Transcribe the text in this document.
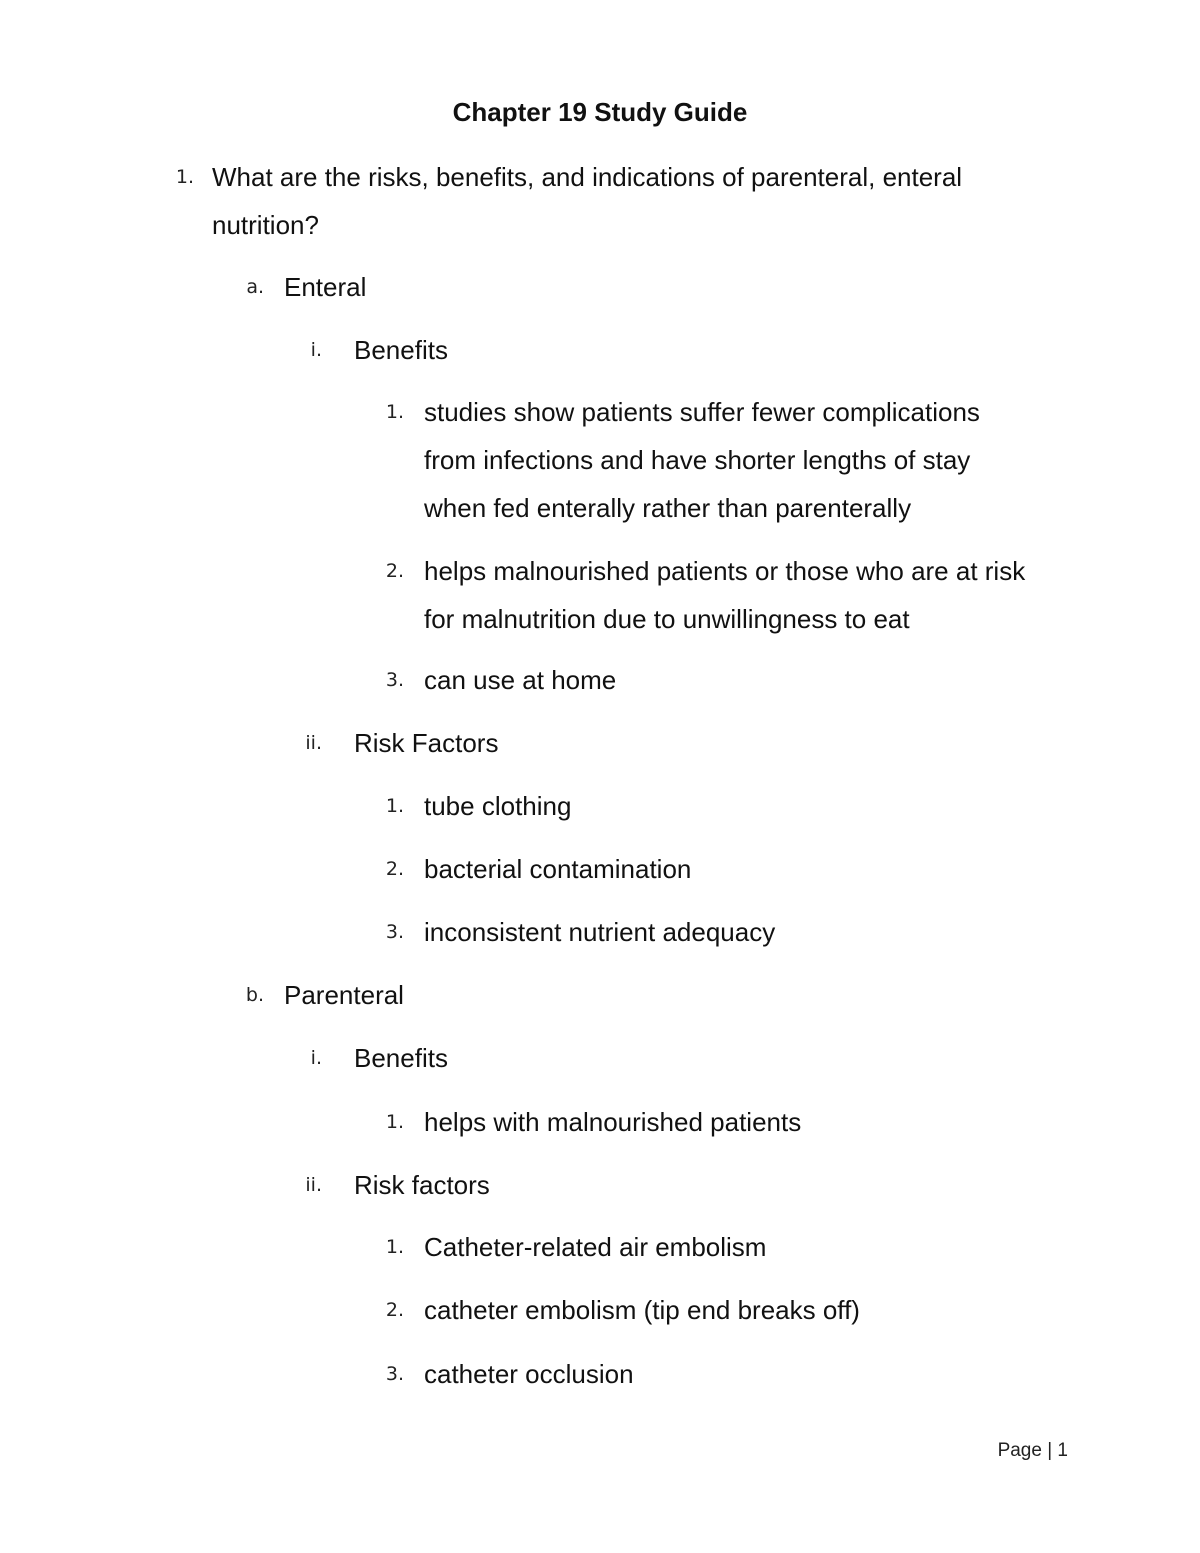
Chapter 19 Study Guide
1. What are the risks, benefits, and indications of parenteral, enteral
nutrition?
a. Enteral
i. Benefits
1. studies show patients suffer fewer complications
from infections and have shorter lengths of stay
when fed enterally rather than parenterally
2. helps malnourished patients or those who are at risk
for malnutrition due to unwillingness to eat
3. can use at home
ii. Risk Factors
1. tube clothing
2. bacterial contamination
3. inconsistent nutrient adequacy
b. Parenteral
i. Benefits
1. helps with malnourished patients
ii. Risk factors
1. Catheter-related air embolism
2. catheter embolism (tip end breaks off)
3. catheter occlusion
Page | 1
